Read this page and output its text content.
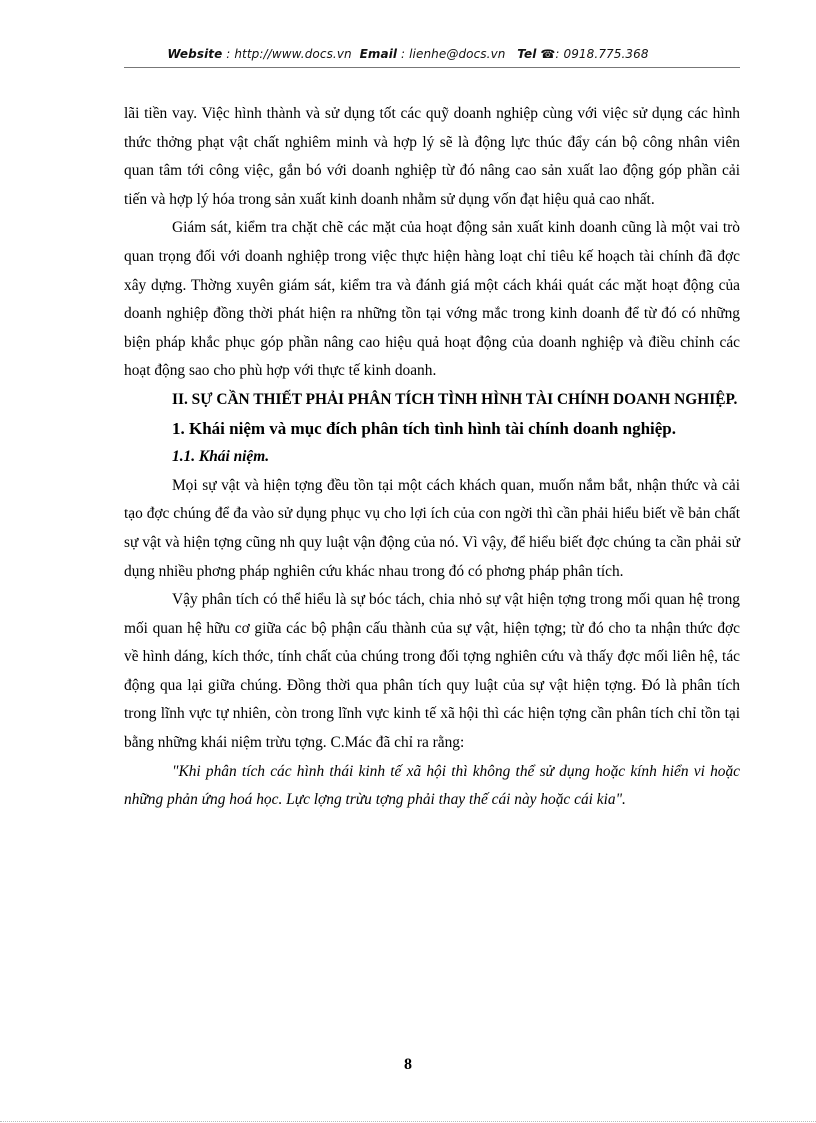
Website : http://www.docs.vn Email : lienhe@docs.vn Tel ☎: 0918.775.368

lãi tiền vay. Việc hình thành và sử dụng tốt các quỹ doanh nghiệp cùng với việc sử dụng các hình thức thởng phạt vật chất nghiêm minh và hợp lý sẽ là động lực thúc đẩy cán bộ công nhân viên quan tâm tới công việc, gắn bó với doanh nghiệp từ đó nâng cao sản xuất lao động góp phần cải tiến và hợp lý hóa trong sản xuất kinh doanh nhằm sử dụng vốn đạt hiệu quả cao nhất.

Giám sát, kiểm tra chặt chẽ các mặt của hoạt động sản xuất kinh doanh cũng là một vai trò quan trọng đối với doanh nghiệp trong việc thực hiện hàng loạt chỉ tiêu kế hoạch tài chính đã đợc xây dựng. Thờng xuyên giám sát, kiểm tra và đánh giá một cách khái quát các mặt hoạt động của doanh nghiệp đồng thời phát hiện ra những tồn tại vớng mắc trong kinh doanh để từ đó có những biện pháp khắc phục góp phần nâng cao hiệu quả hoạt động của doanh nghiệp và điều chỉnh các hoạt động sao cho phù hợp với thực tế kinh doanh.

II. SỰ CẦN THIẾT PHẢI PHÂN TÍCH TÌNH HÌNH TÀI CHÍNH DOANH NGHIỆP.

1. Khái niệm và mục đích phân tích tình hình tài chính doanh nghiệp.

1.1. Khái niệm.

Mọi sự vật và hiện tợng đều tồn tại một cách khách quan, muốn nắm bắt, nhận thức và cải tạo đợc chúng để đa vào sử dụng phục vụ cho lợi ích của con ngời thì cần phải hiểu biết về bản chất sự vật và hiện tợng cũng nh quy luật vận động của nó. Vì vậy, để hiểu biết đợc chúng ta cần phải sử dụng nhiều phơng pháp nghiên cứu khác nhau trong đó có phơng pháp phân tích.

Vậy phân tích có thể hiểu là sự bóc tách, chia nhỏ sự vật hiện tợng trong mối quan hệ trong mối quan hệ hữu cơ giữa các bộ phận cấu thành của sự vật, hiện tợng; từ đó cho ta nhận thức đợc về hình dáng, kích thớc, tính chất của chúng trong đối tợng nghiên cứu và thấy đợc mối liên hệ, tác động qua lại giữa chúng. Đồng thời qua phân tích quy luật của sự vật hiện tợng. Đó là phân tích trong lĩnh vực tự nhiên, còn trong lĩnh vực kinh tế xã hội thì các hiện tợng cần phân tích chỉ tồn tại bằng những khái niệm trừu tợng. C.Mác đã chỉ ra rằng:

"Khi phân tích các hình thái kinh tế xã hội thì không thể sử dụng hoặc kính hiển vi hoặc những phản ứng hoá học. Lực lợng trừu tợng phải thay thế cái này hoặc cái kia".

8
